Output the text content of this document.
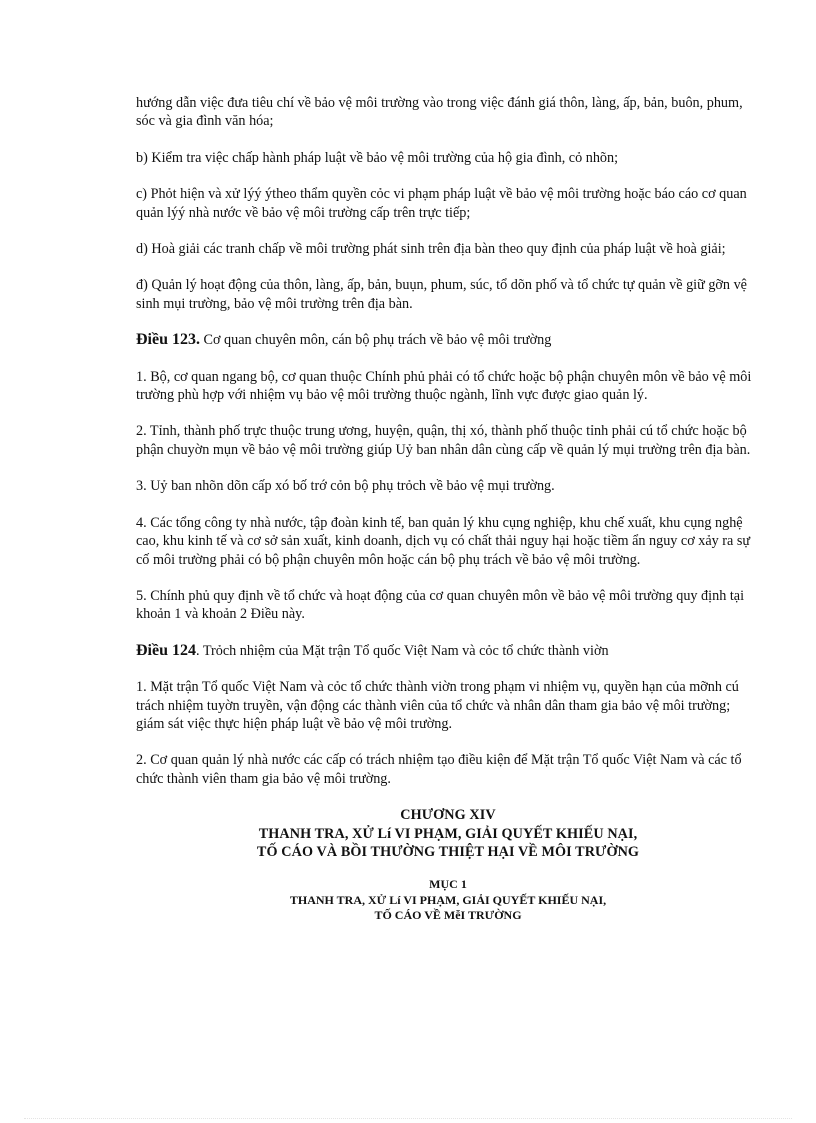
hướng dẫn việc đưa tiêu chí về bảo vệ môi trường vào trong việc đánh giá thôn, làng, ấp, bản, buôn, phum, sóc và gia đình văn hóa;

b) Kiểm tra việc chấp hành pháp luật về bảo vệ môi trường của hộ gia đình, cỏ nhõn;

c) Phỏt hiện và xử lýý ýtheo thẩm quyền cỏc vi phạm pháp luật về bảo vệ môi trường hoặc báo cáo cơ quan quản lýý nhà nước về bảo vệ môi trường cấp trên trực tiếp;

d) Hoà giải các tranh chấp về môi trường phát sinh trên địa bàn theo quy định của pháp luật về hoà giải;

đ) Quản lý hoạt động của thôn, làng, ấp, bản, buụn, phum, súc, tổ dõn phố và tổ chức tự quản về giữ gỡn vệ sinh mụi trường, bảo vệ môi trường trên địa bàn.

Điều 123. Cơ quan chuyên môn, cán bộ phụ trách về bảo vệ môi trường

1. Bộ, cơ quan ngang bộ, cơ quan thuộc Chính phủ phải có tổ chức hoặc bộ phận chuyên môn về bảo vệ môi trường phù hợp với nhiệm vụ bảo vệ môi trường thuộc ngành, lĩnh vực được giao quản lý.

2. Tỉnh, thành phố trực thuộc trung ương, huyện, quận, thị xó, thành phố thuộc tỉnh phải cú tổ chức hoặc bộ phận chuyờn mụn về bảo vệ môi trường giúp Uỷ ban nhân dân cùng cấp về quản lý mụi trường trên địa bàn.

3. Uỷ ban nhõn dõn cấp xó bố trớ cỏn bộ phụ trỏch về bảo vệ mụi trường.

4. Các tổng công ty nhà nước, tập đoàn kinh tế, ban quản lý khu cụng nghiệp, khu chế xuất, khu cụng nghệ cao, khu kinh tế và cơ sở sản xuất, kinh doanh, dịch vụ có chất thải nguy hại hoặc tiềm ẩn nguy cơ xảy ra sự cố môi trường phải có bộ phận chuyên môn hoặc cán bộ phụ trách về bảo vệ môi trường.

5. Chính phủ quy định về tổ chức và hoạt động của cơ quan chuyên môn về bảo vệ môi trường quy định tại khoản 1 và khoản 2 Điều này.

Điều 124. Trỏch nhiệm của Mặt trận Tổ quốc Việt Nam và cỏc tổ chức thành viờn

1. Mặt trận Tổ quốc Việt Nam và cỏc tổ chức thành viờn trong phạm vi nhiệm vụ, quyền hạn của mỡnh cú trách nhiệm tuyờn truyền, vận động các thành viên của tổ chức và nhân dân tham gia bảo vệ môi trường; giám sát việc thực hiện pháp luật về bảo vệ môi trường.

2. Cơ quan quản lý nhà nước các cấp có trách nhiệm tạo điều kiện để Mặt trận Tổ quốc Việt Nam và các tổ chức thành viên tham gia bảo vệ môi trường.

CHƯƠNG XIV
THANH TRA, XỬ Lí VI PHẠM, GIẢI QUYẾT KHIẾU NẠI,
TỐ CÁO VÀ BỒI THƯỜNG THIỆT HẠI VỀ MÔI TRƯỜNG
MỤC 1
THANH TRA, XỬ Lí VI PHẠM, GIẢI QUYẾT KHIẾU NẠI,
TỐ CÁO VỀ MễI TRƯỜNG
